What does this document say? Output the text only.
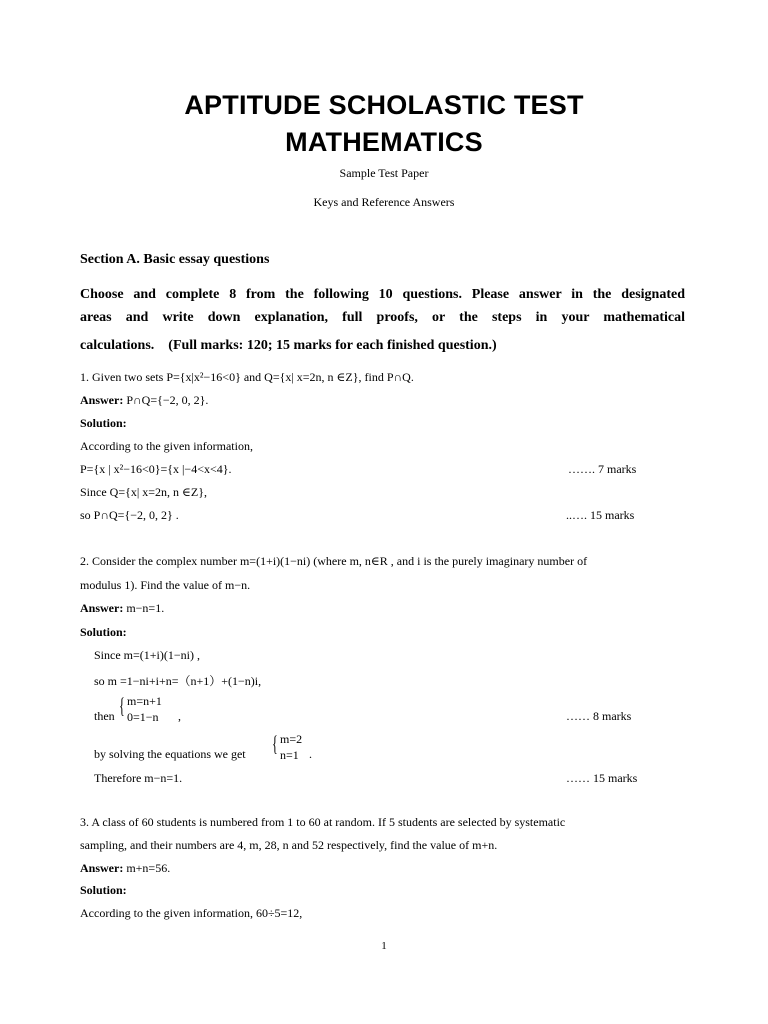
APTITUDE SCHOLASTIC TEST
MATHEMATICS
Sample Test Paper
Keys and Reference Answers
Section A. Basic essay questions
Choose and complete 8 from the following 10 questions. Please answer in the designated
areas and write down explanation, full proofs, or the steps in your mathematical
calculations.　(Full marks: 120; 15 marks for each finished question.)
1. Given two sets P={x|x²−16<0} and Q={x| x=2n, n ∈Z}, find P∩Q.
Answer: P∩Q={−2, 0, 2}.
Solution:
According to the given information,
P={x | x²−16<0}={x |−4<x<4}.	……. 7 marks
Since Q={x| x=2n, n ∈Z},
so P∩Q={−2, 0, 2} .	..…. 15 marks
2. Consider the complex number m=(1+i)(1−ni) (where m, n∈R , and i is the purely imaginary number of
modulus 1). Find the value of m−n.
Answer: m−n=1.
Solution:
Since m=(1+i)(1−ni) ,
so m =1−ni+i+n=（n+1）+(1−n)i,
then { m=n+1
0=1−n ,	…… 8 marks
by solving the equations we get { m=2
n=1 .
Therefore m−n=1.	…… 15 marks
3. A class of 60 students is numbered from 1 to 60 at random. If 5 students are selected by systematic
sampling, and their numbers are 4, m, 28, n and 52 respectively, find the value of m+n.
Answer: m+n=56.
Solution:
According to the given information, 60÷5=12,
1
